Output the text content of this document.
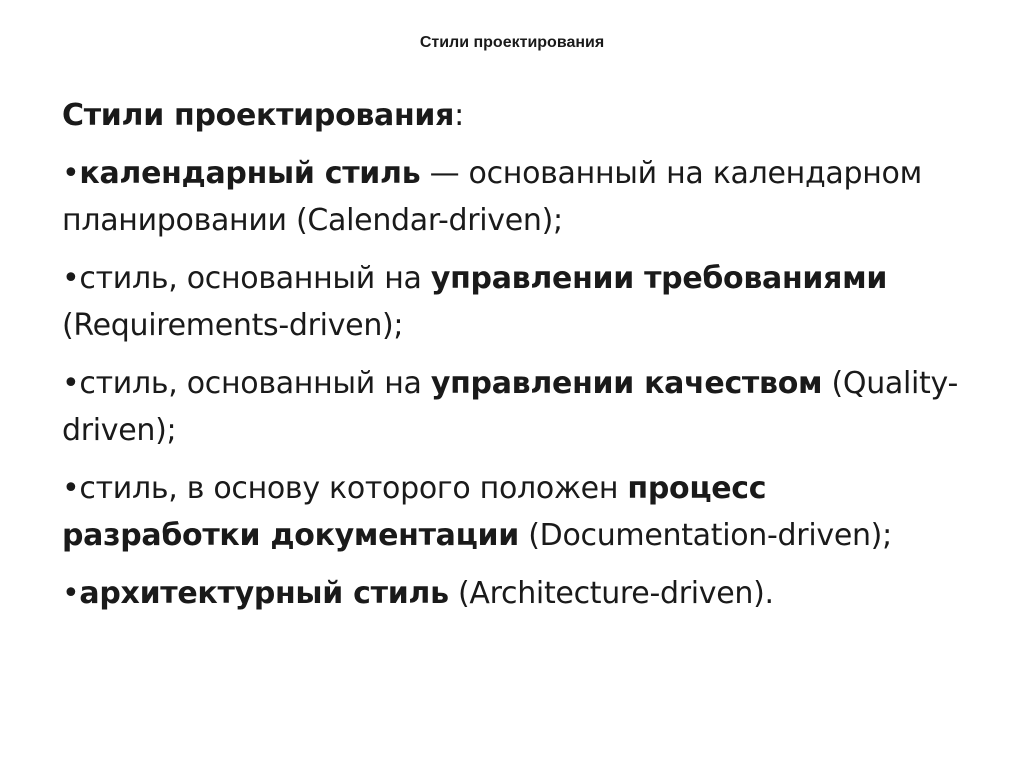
Стили проектирования

Стили проектирования:

•календарный стиль — основанный на календарном планировании (Calendar-driven);

•стиль, основанный на управлении требованиями (Requirements-driven);

•стиль, основанный на управлении качеством (Quality-driven);

•стиль, в основу которого положен процесс разработки документации (Documentation-driven);

•архитектурный стиль (Architecture-driven).
